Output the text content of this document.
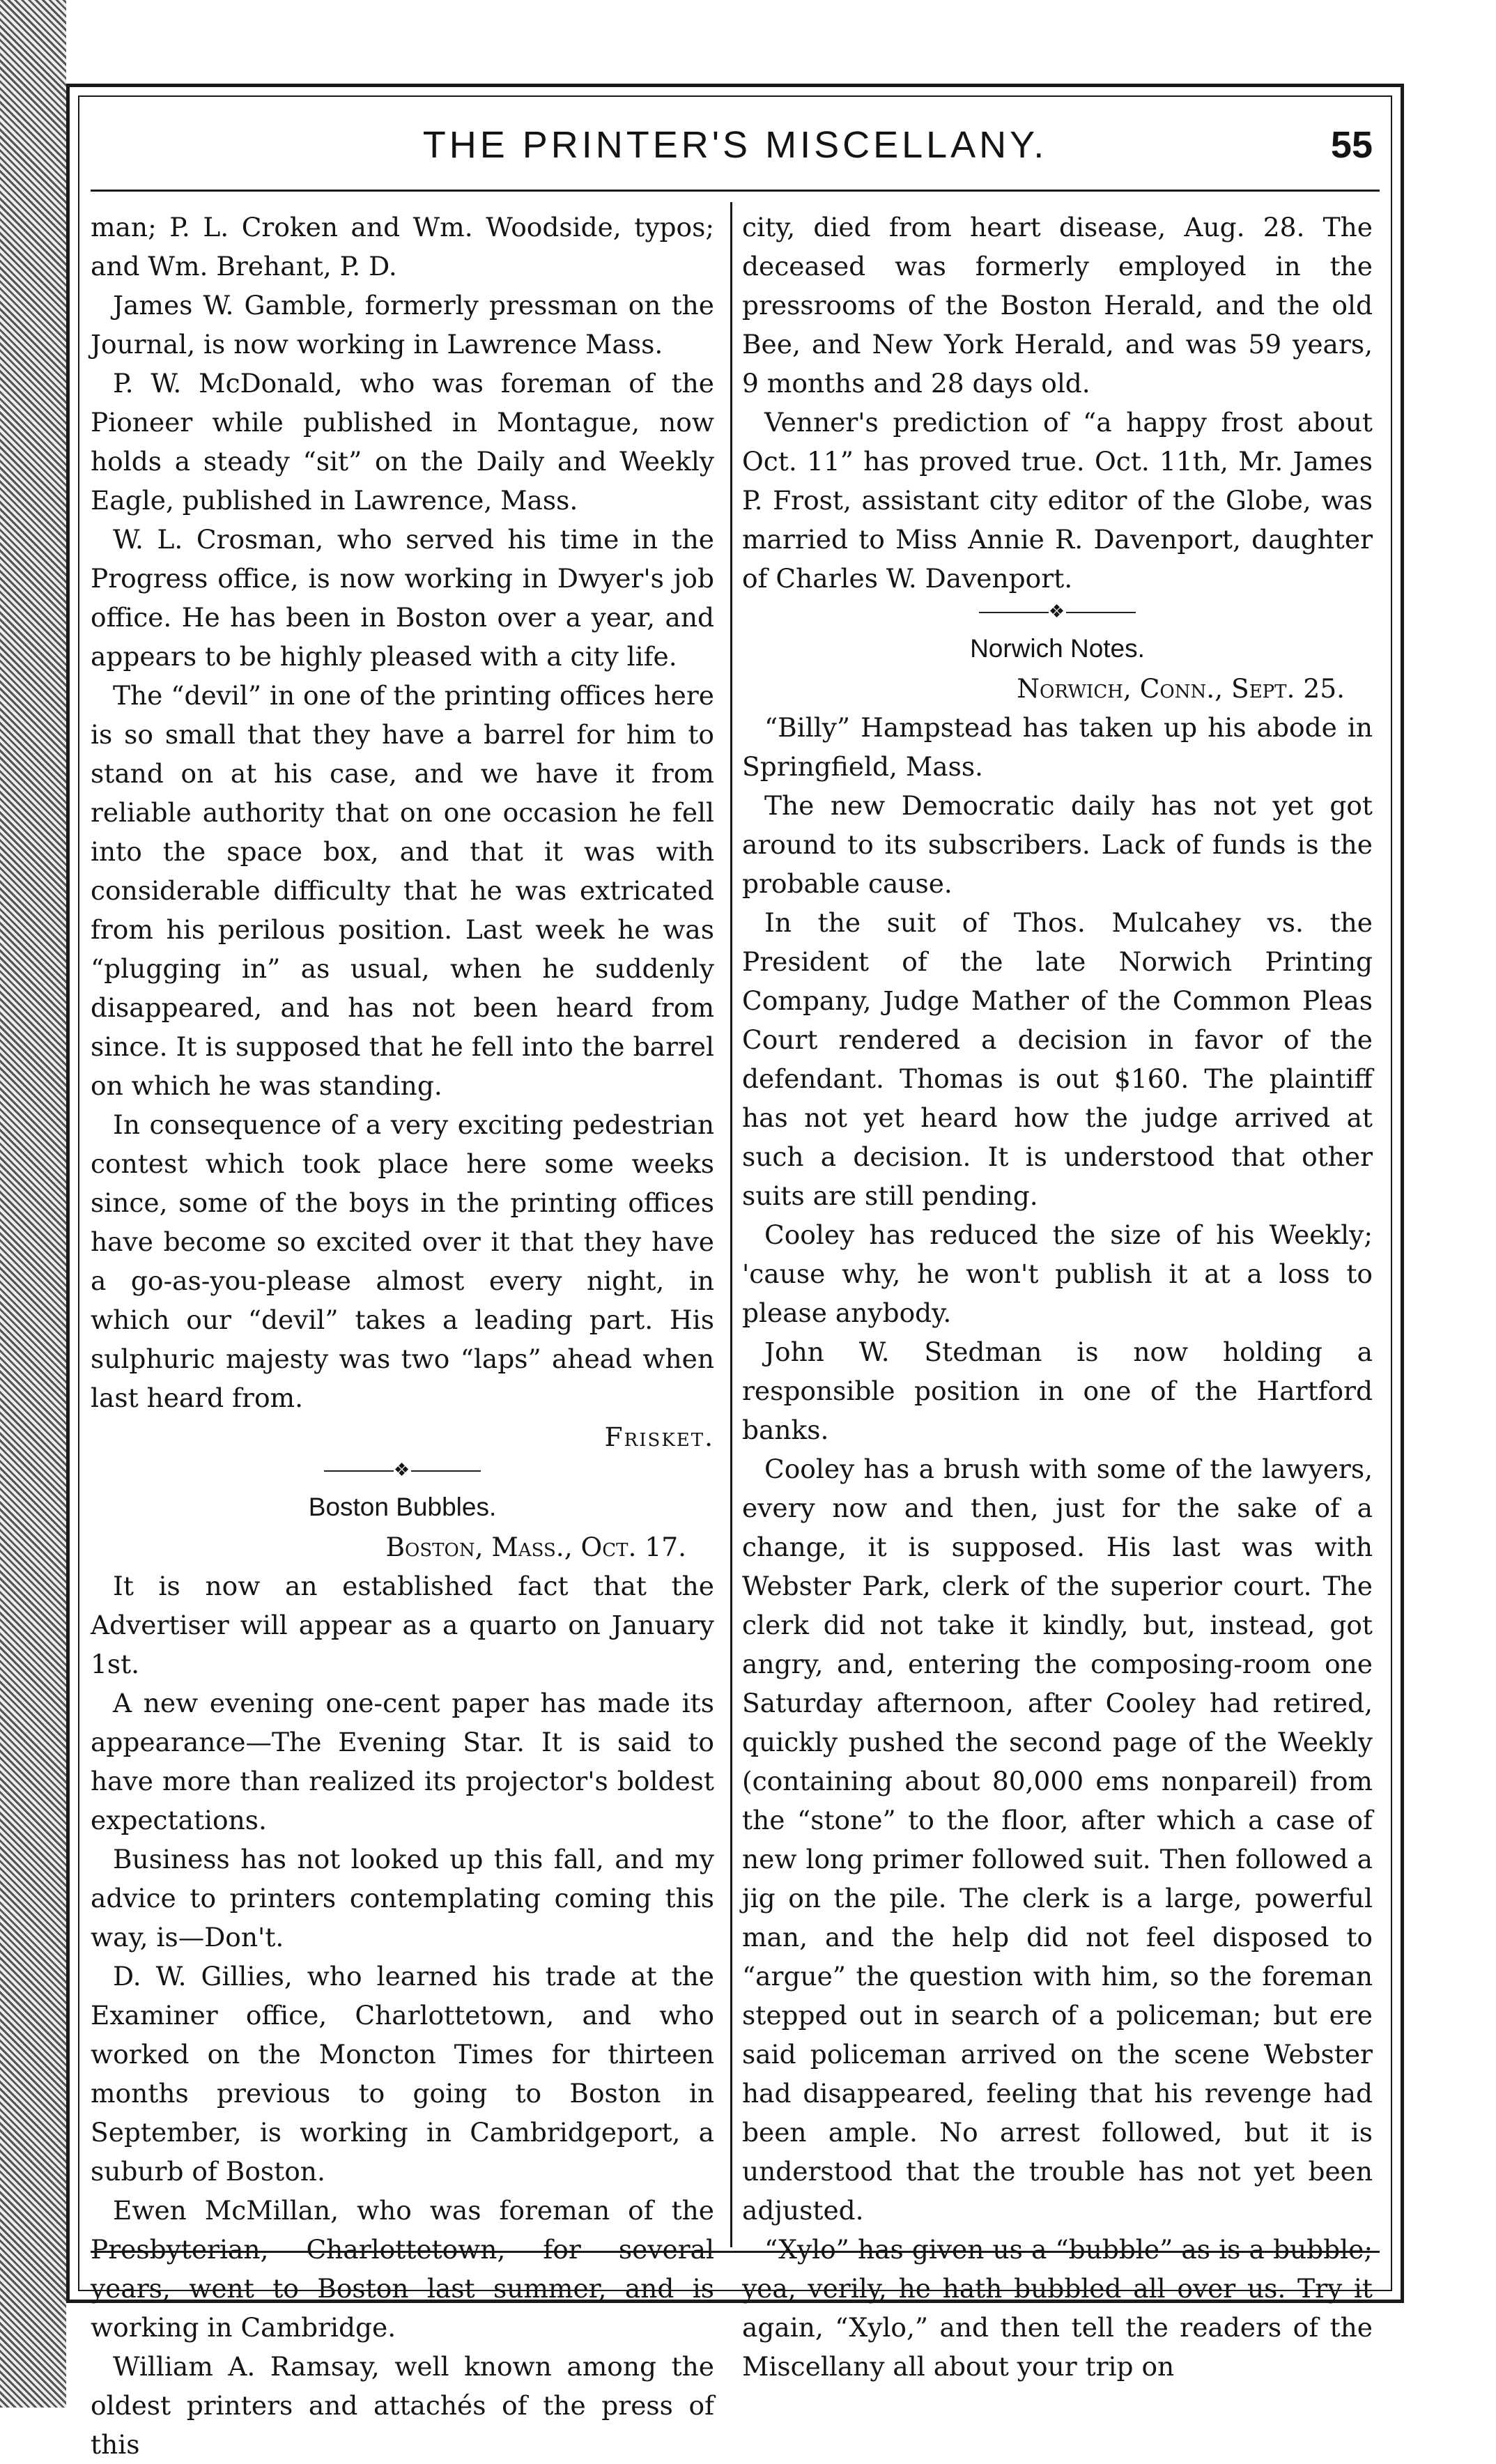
THE PRINTER'S MISCELLANY.	55

man; P. L. Croken and Wm. Woodside, typos; and Wm. Brehant, P. D.

James W. Gamble, formerly pressman on the Journal, is now working in Lawrence Mass.

P. W. McDonald, who was foreman of the Pioneer while published in Montague, now holds a steady “sit” on the Daily and Weekly Eagle, published in Lawrence, Mass.

W. L. Crosman, who served his time in the Progress office, is now working in Dwyer's job office. He has been in Boston over a year, and appears to be highly pleased with a city life.

The “devil” in one of the printing offices here is so small that they have a barrel for him to stand on at his case, and we have it from reliable authority that on one occasion he fell into the space box, and that it was with considerable difficulty that he was extricated from his perilous position. Last week he was “plugging in” as usual, when he suddenly disappeared, and has not been heard from since. It is supposed that he fell into the barrel on which he was standing.

In consequence of a very exciting pedestrian contest which took place here some weeks since, some of the boys in the printing offices have become so excited over it that they have a go-as-you-please almost every night, in which our “devil” takes a leading part. His sulphuric majesty was two “laps” ahead when last heard from.

Frisket.

❖
Boston Bubbles.

Boston, Mass., Oct. 17.

It is now an established fact that the Advertiser will appear as a quarto on January 1st.

A new evening one-cent paper has made its appearance—The Evening Star. It is said to have more than realized its projector's boldest expectations.

Business has not looked up this fall, and my advice to printers contemplating coming this way, is—Don't.

D. W. Gillies, who learned his trade at the Examiner office, Charlottetown, and who worked on the Moncton Times for thirteen months previous to going to Boston in September, is working in Cambridgeport, a suburb of Boston.

Ewen McMillan, who was foreman of the Presbyterian, Charlottetown, for several years, went to Boston last summer, and is working in Cambridge.

William A. Ramsay, well known among the oldest printers and attachés of the press of this

city, died from heart disease, Aug. 28. The deceased was formerly employed in the pressrooms of the Boston Herald, and the old Bee, and New York Herald, and was 59 years, 9 months and 28 days old.

Venner's prediction of “a happy frost about Oct. 11” has proved true. Oct. 11th, Mr. James P. Frost, assistant city editor of the Globe, was married to Miss Annie R. Davenport, daughter of Charles W. Davenport.

❖
Norwich Notes.

Norwich, Conn., Sept. 25.

“Billy” Hampstead has taken up his abode in Springfield, Mass.

The new Democratic daily has not yet got around to its subscribers. Lack of funds is the probable cause.

In the suit of Thos. Mulcahey vs. the President of the late Norwich Printing Company, Judge Mather of the Common Pleas Court rendered a decision in favor of the defendant. Thomas is out $160. The plaintiff has not yet heard how the judge arrived at such a decision. It is understood that other suits are still pending.

Cooley has reduced the size of his Weekly; 'cause why, he won't publish it at a loss to please anybody.

John W. Stedman is now holding a responsible position in one of the Hartford banks.

Cooley has a brush with some of the lawyers, every now and then, just for the sake of a change, it is supposed. His last was with Webster Park, clerk of the superior court. The clerk did not take it kindly, but, instead, got angry, and, entering the composing-room one Saturday afternoon, after Cooley had retired, quickly pushed the second page of the Weekly (containing about 80,000 ems nonpareil) from the “stone” to the floor, after which a case of new long primer followed suit. Then followed a jig on the pile. The clerk is a large, powerful man, and the help did not feel disposed to “argue” the question with him, so the foreman stepped out in search of a policeman; but ere said policeman arrived on the scene Webster had disappeared, feeling that his revenge had been ample. No arrest followed, but it is understood that the trouble has not yet been adjusted.

“Xylo” has given us a “bubble” as is a bubble; yea, verily, he hath bubbled all over us. Try it again, “Xylo,” and then tell the readers of the Miscellany all about your trip on
